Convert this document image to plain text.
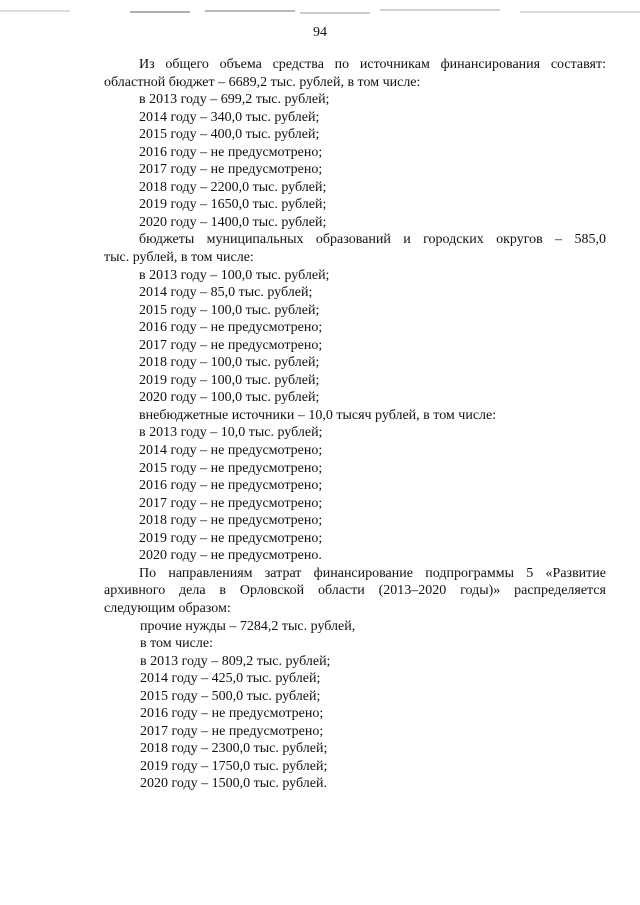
94
Из общего объема средства по источникам финансирования составят:
областной бюджет – 6689,2 тыс. рублей, в том числе:
в 2013 году – 699,2 тыс. рублей;
2014 году – 340,0 тыс. рублей;
2015 году – 400,0 тыс. рублей;
2016 году – не предусмотрено;
2017 году – не предусмотрено;
2018 году – 2200,0 тыс. рублей;
2019 году – 1650,0 тыс. рублей;
2020 году – 1400,0 тыс. рублей;
бюджеты муниципальных образований и городских округов – 585,0
тыс. рублей, в том числе:
в 2013 году – 100,0 тыс. рублей;
2014 году – 85,0 тыс. рублей;
2015 году – 100,0 тыс. рублей;
2016 году – не предусмотрено;
2017 году – не предусмотрено;
2018 году – 100,0 тыс. рублей;
2019 году – 100,0 тыс. рублей;
2020 году – 100,0 тыс. рублей;
внебюджетные источники – 10,0 тысяч рублей, в том числе:
в 2013 году – 10,0 тыс. рублей;
2014 году – не предусмотрено;
2015 году – не предусмотрено;
2016 году – не предусмотрено;
2017 году – не предусмотрено;
2018 году – не предусмотрено;
2019 году – не предусмотрено;
2020 году – не предусмотрено.
По направлениям затрат финансирование подпрограммы 5 «Развитие
архивного дела в Орловской области (2013–2020 годы)» распределяется
следующим образом:
прочие нужды – 7284,2 тыс. рублей,
в том числе:
в 2013 году – 809,2 тыс. рублей;
2014 году – 425,0 тыс. рублей;
2015 году – 500,0 тыс. рублей;
2016 году – не предусмотрено;
2017 году – не предусмотрено;
2018 году – 2300,0 тыс. рублей;
2019 году – 1750,0 тыс. рублей;
2020 году – 1500,0 тыс. рублей.
